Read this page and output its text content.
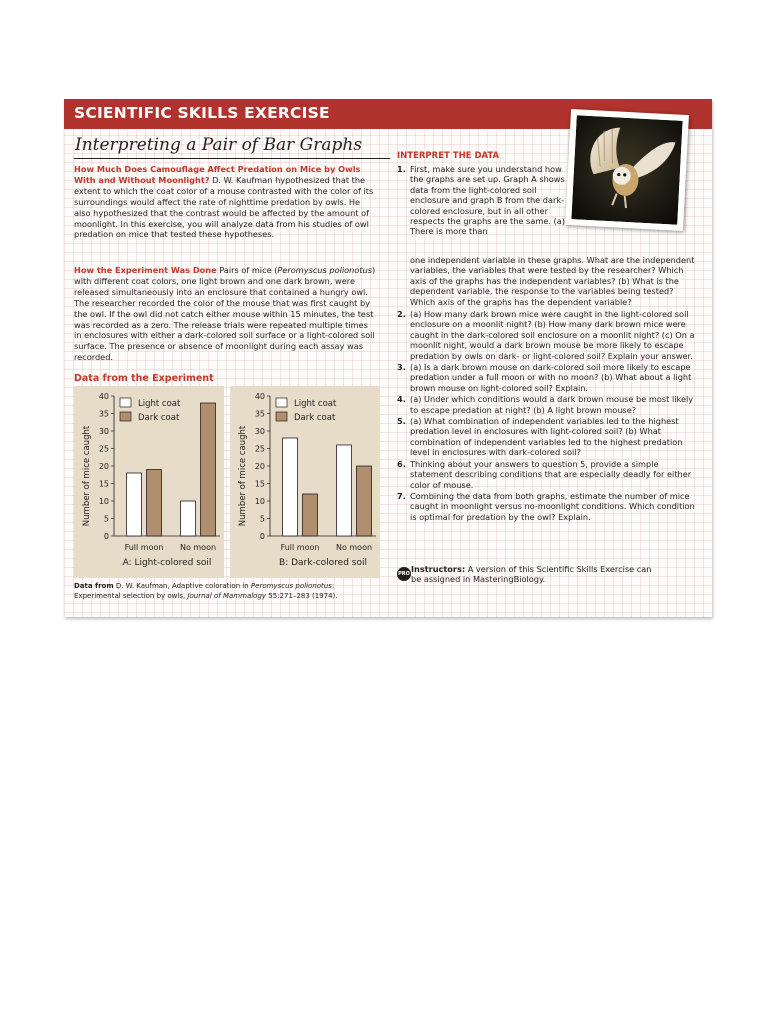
SCIENTIFIC SKILLS EXERCISE
Interpreting a Pair of Bar Graphs

How Much Does Camouflage Affect Predation on Mice by Owls With and Without Moonlight? D. W. Kaufman hypothesized that the extent to which the coat color of a mouse contrasted with the color of its surroundings would affect the rate of nighttime predation by owls. He also hypothesized that the contrast would be affected by the amount of moonlight. In this exercise, you will analyze data from his studies of owl predation on mice that tested these hypotheses.

How the Experiment Was Done Pairs of mice (Peromyscus polionotus) with different coat colors, one light brown and one dark brown, were released simultaneously into an enclosure that contained a hungry owl. The researcher recorded the color of the mouse that was first caught by the owl. If the owl did not catch either mouse within 15 minutes, the test was recorded as a zero. The release trials were repeated multiple times in enclosures with either a dark-colored soil surface or a light-colored soil surface. The presence or absence of moonlight during each assay was recorded.

Data from the Experiment
0
5
10
15
20
25
30
35
40
Number of mice caught
Full moon No moon
A: Light-colored soil
Light coat
Dark coat
0
5
10
15
20
25
30
35
40
Number of mice caught
Full moon No moon
B: Dark-colored soil
Light coat
Dark coat

Data from D. W. Kaufman, Adaptive coloration in Peromyscus polionotus: Experimental selection by owls, Journal of Mammalogy 55:271–283 (1974).

INTERPRET THE DATA
1. First, make sure you understand how the graphs are set up. Graph A shows data from the light-colored soil enclosure and graph B from the dark-colored enclosure, but in all other respects the graphs are the same. (a) There is more than

one independent variable in these graphs. What are the independent variables, the variables that were tested by the researcher? Which axis of the graphs has the independent variables? (b) What is the dependent variable, the response to the variables being tested? Which axis of the graphs has the dependent variable?

2. (a) How many dark brown mice were caught in the light-colored soil enclosure on a moonlit night? (b) How many dark brown mice were caught in the dark-colored soil enclosure on a moonlit night? (c) On a moonlit night, would a dark brown mouse be more likely to escape predation by owls on dark- or light-colored soil? Explain your answer.
3. (a) Is a dark brown mouse on dark-colored soil more likely to escape predation under a full moon or with no moon? (b) What about a light brown mouse on light-colored soil? Explain.
4. (a) Under which conditions would a dark brown mouse be most likely to escape predation at night? (b) A light brown mouse?
5. (a) What combination of independent variables led to the highest predation level in enclosures with light-colored soil? (b) What combination of independent variables led to the highest predation level in enclosures with dark-colored soil?
6. Thinking about your answers to question 5, provide a simple statement describing conditions that are especially deadly for either color of mouse.
7. Combining the data from both graphs, estimate the number of mice caught in moonlight versus no-moonlight conditions. Which condition is optimal for predation by the owl? Explain.
PRO Instructors: A version of this Scientific Skills Exercise can be assigned in MasteringBiology.
